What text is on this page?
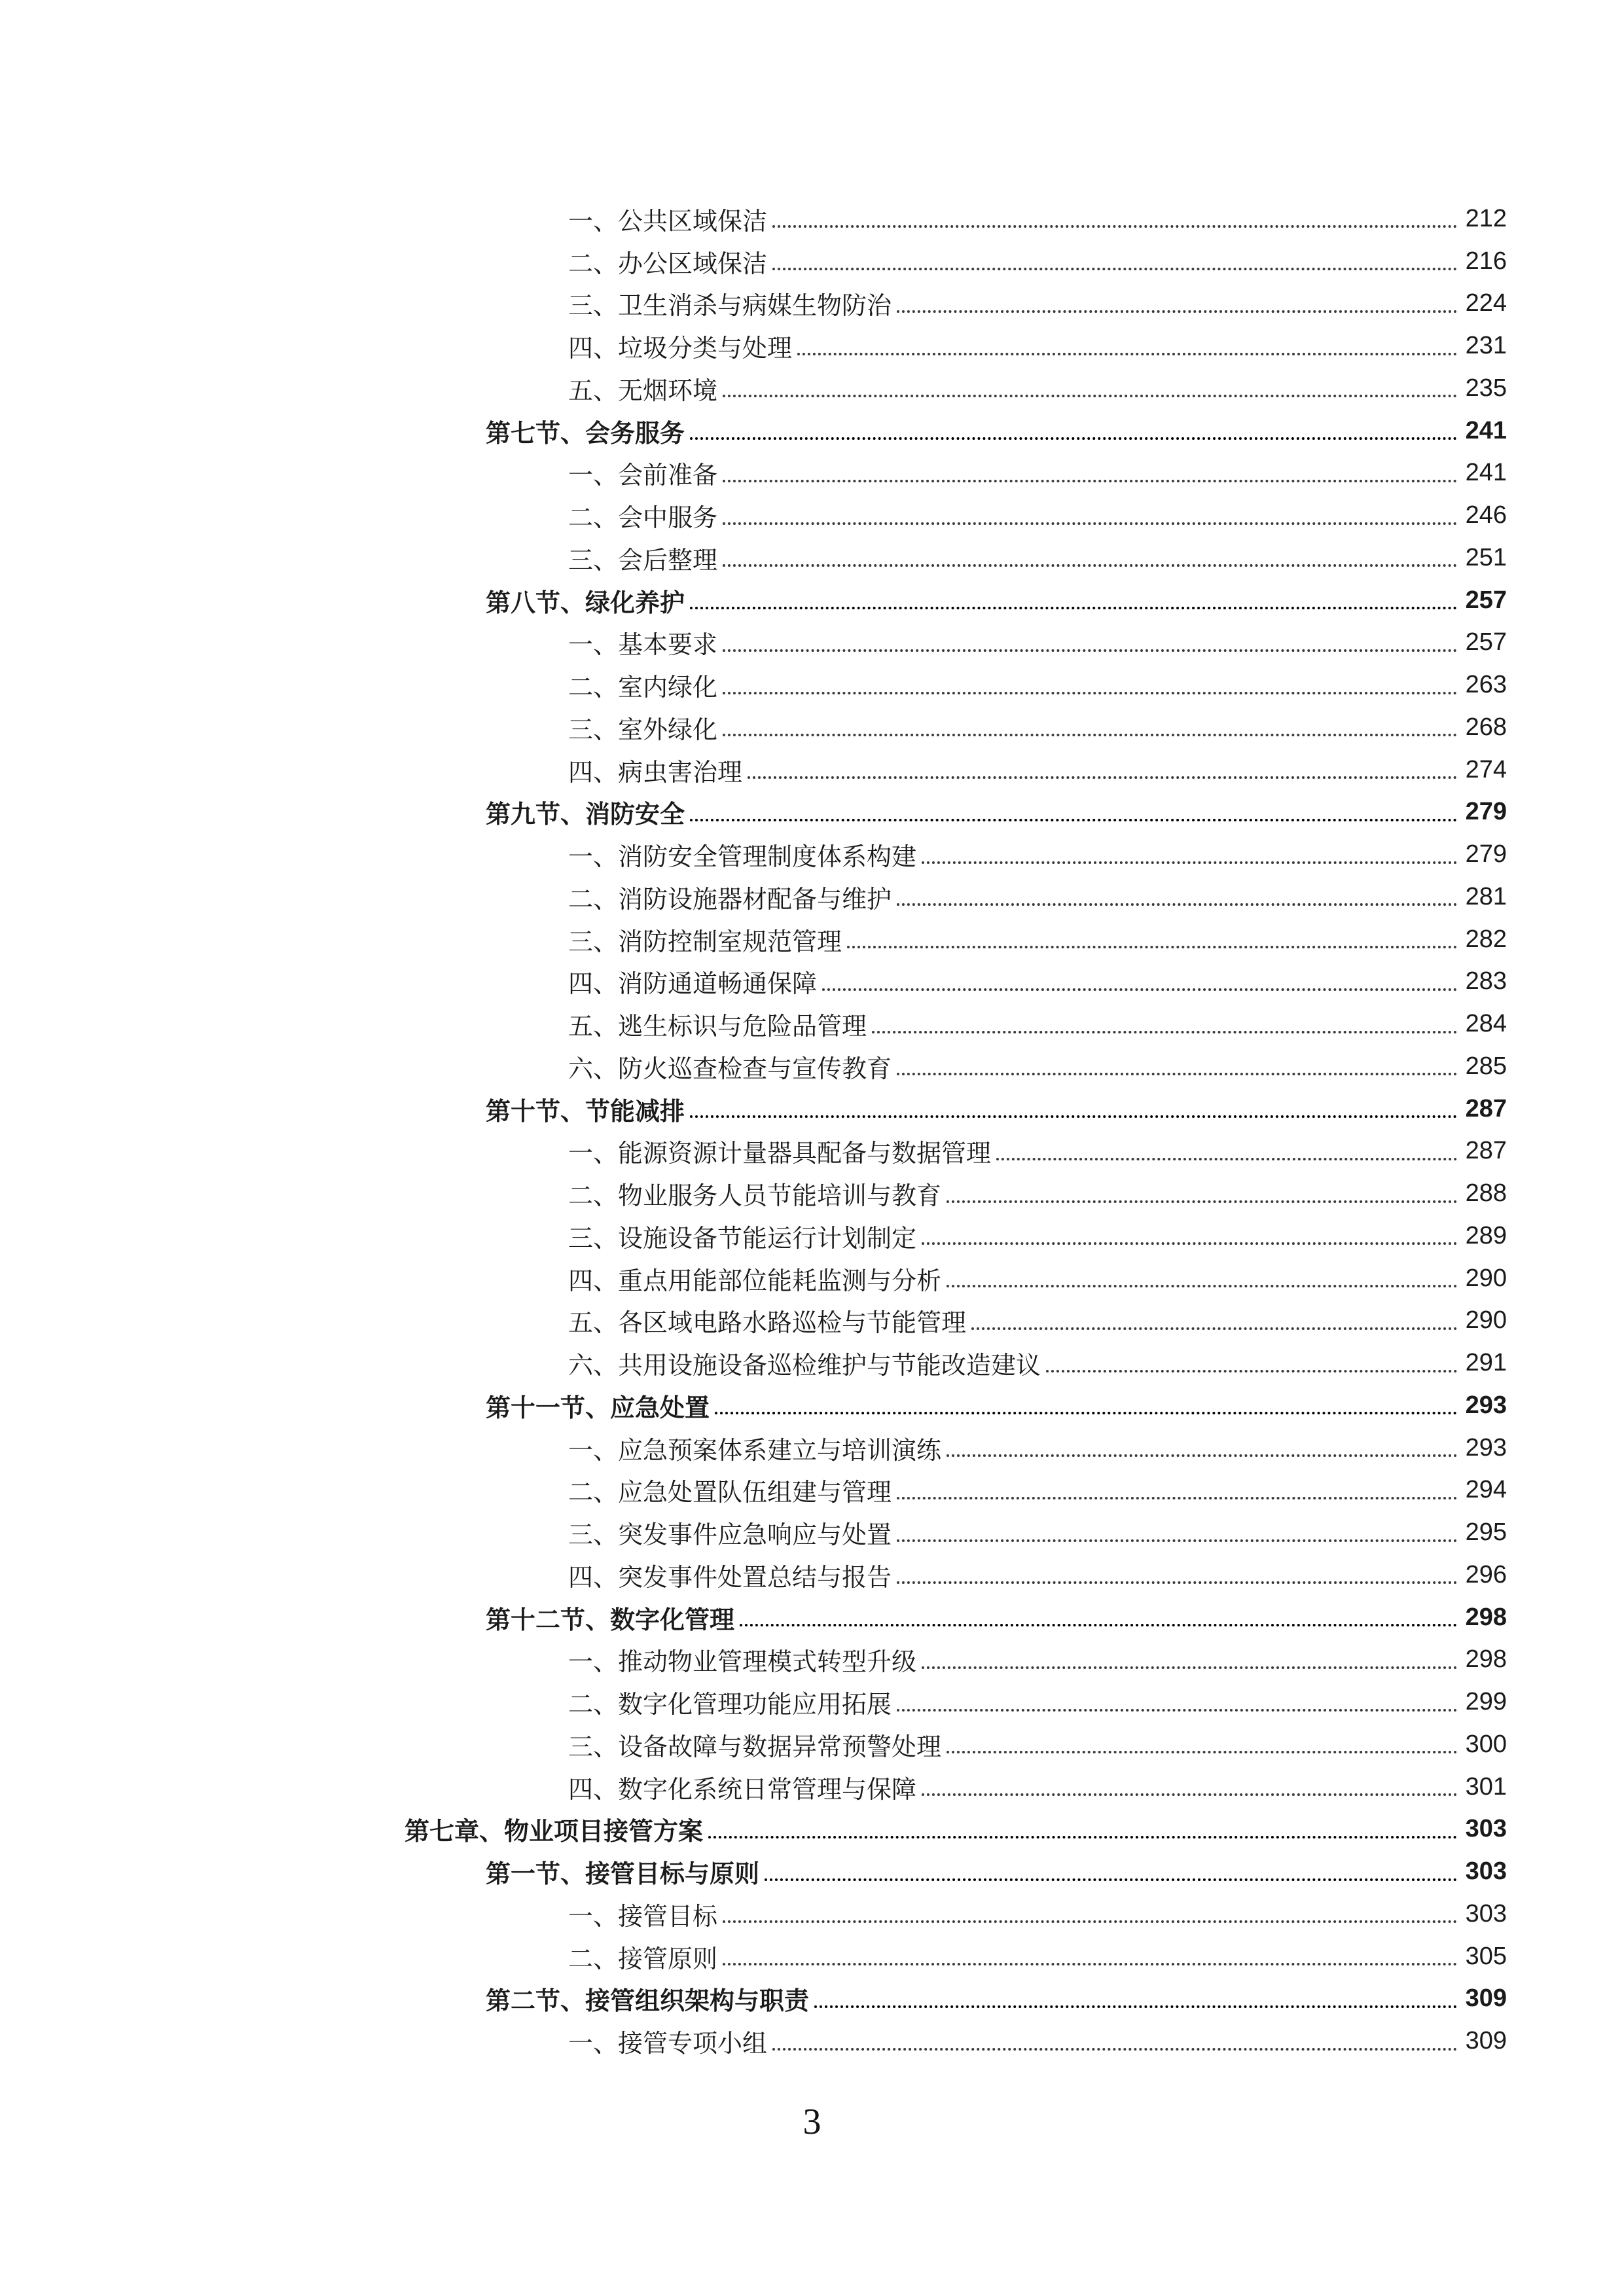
一、公共区域保洁	212
二、办公区域保洁	216
三、卫生消杀与病媒生物防治	224
四、垃圾分类与处理	231
五、无烟环境	235
第七节、会务服务	241
一、会前准备	241
二、会中服务	246
三、会后整理	251
第八节、绿化养护	257
一、基本要求	257
二、室内绿化	263
三、室外绿化	268
四、病虫害治理	274
第九节、消防安全	279
一、消防安全管理制度体系构建	279
二、消防设施器材配备与维护	281
三、消防控制室规范管理	282
四、消防通道畅通保障	283
五、逃生标识与危险品管理	284
六、防火巡查检查与宣传教育	285
第十节、节能减排	287
一、能源资源计量器具配备与数据管理	287
二、物业服务人员节能培训与教育	288
三、设施设备节能运行计划制定	289
四、重点用能部位能耗监测与分析	290
五、各区域电路水路巡检与节能管理	290
六、共用设施设备巡检维护与节能改造建议	291
第十一节、应急处置	293
一、应急预案体系建立与培训演练	293
二、应急处置队伍组建与管理	294
三、突发事件应急响应与处置	295
四、突发事件处置总结与报告	296
第十二节、数字化管理	298
一、推动物业管理模式转型升级	298
二、数字化管理功能应用拓展	299
三、设备故障与数据异常预警处理	300
四、数字化系统日常管理与保障	301
第七章、物业项目接管方案	303
第一节、接管目标与原则	303
一、接管目标	303
二、接管原则	305
第二节、接管组织架构与职责	309
一、接管专项小组	309
3
